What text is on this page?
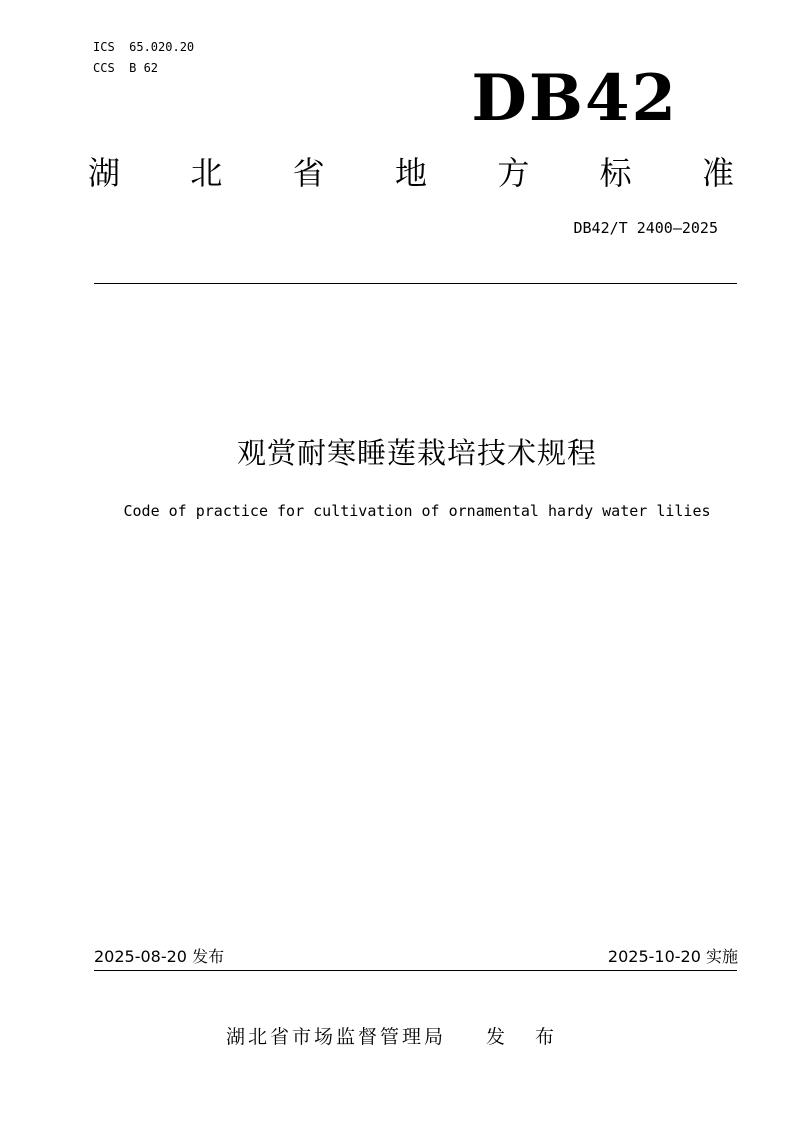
ICS  65.020.20
CCS  B 62	DB42
湖 北 省 地 方 标 准
DB42/T 2400—2025
观赏耐寒睡莲栽培技术规程
Code of practice for cultivation of ornamental hardy water lilies
2025-08-20 发布	2025-10-20 实施
湖北省市场监督管理局 发 布
